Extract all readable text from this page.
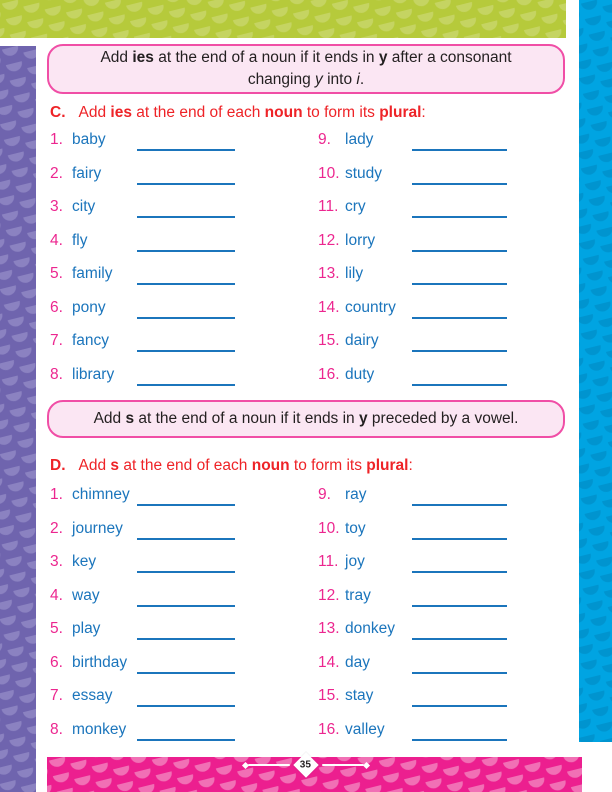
Add ies at the end of a noun if it ends in y after a consonant
changing y into i.
C. Add ies at the end of each noun to form its plural:
1. baby
2. fairy
3. city
4. fly
5. family
6. pony
7. fancy
8. library
9. lady
10. study
11. cry
12. lorry
13. lily
14. country
15. dairy
16. duty
Add s at the end of a noun if it ends in y preceded by a vowel.
D. Add s at the end of each noun to form its plural:
1. chimney
2. journey
3. key
4. way
5. play
6. birthday
7. essay
8. monkey
9. ray
10. toy
11. joy
12. tray
13. donkey
14. day
15. stay
16. valley
35
